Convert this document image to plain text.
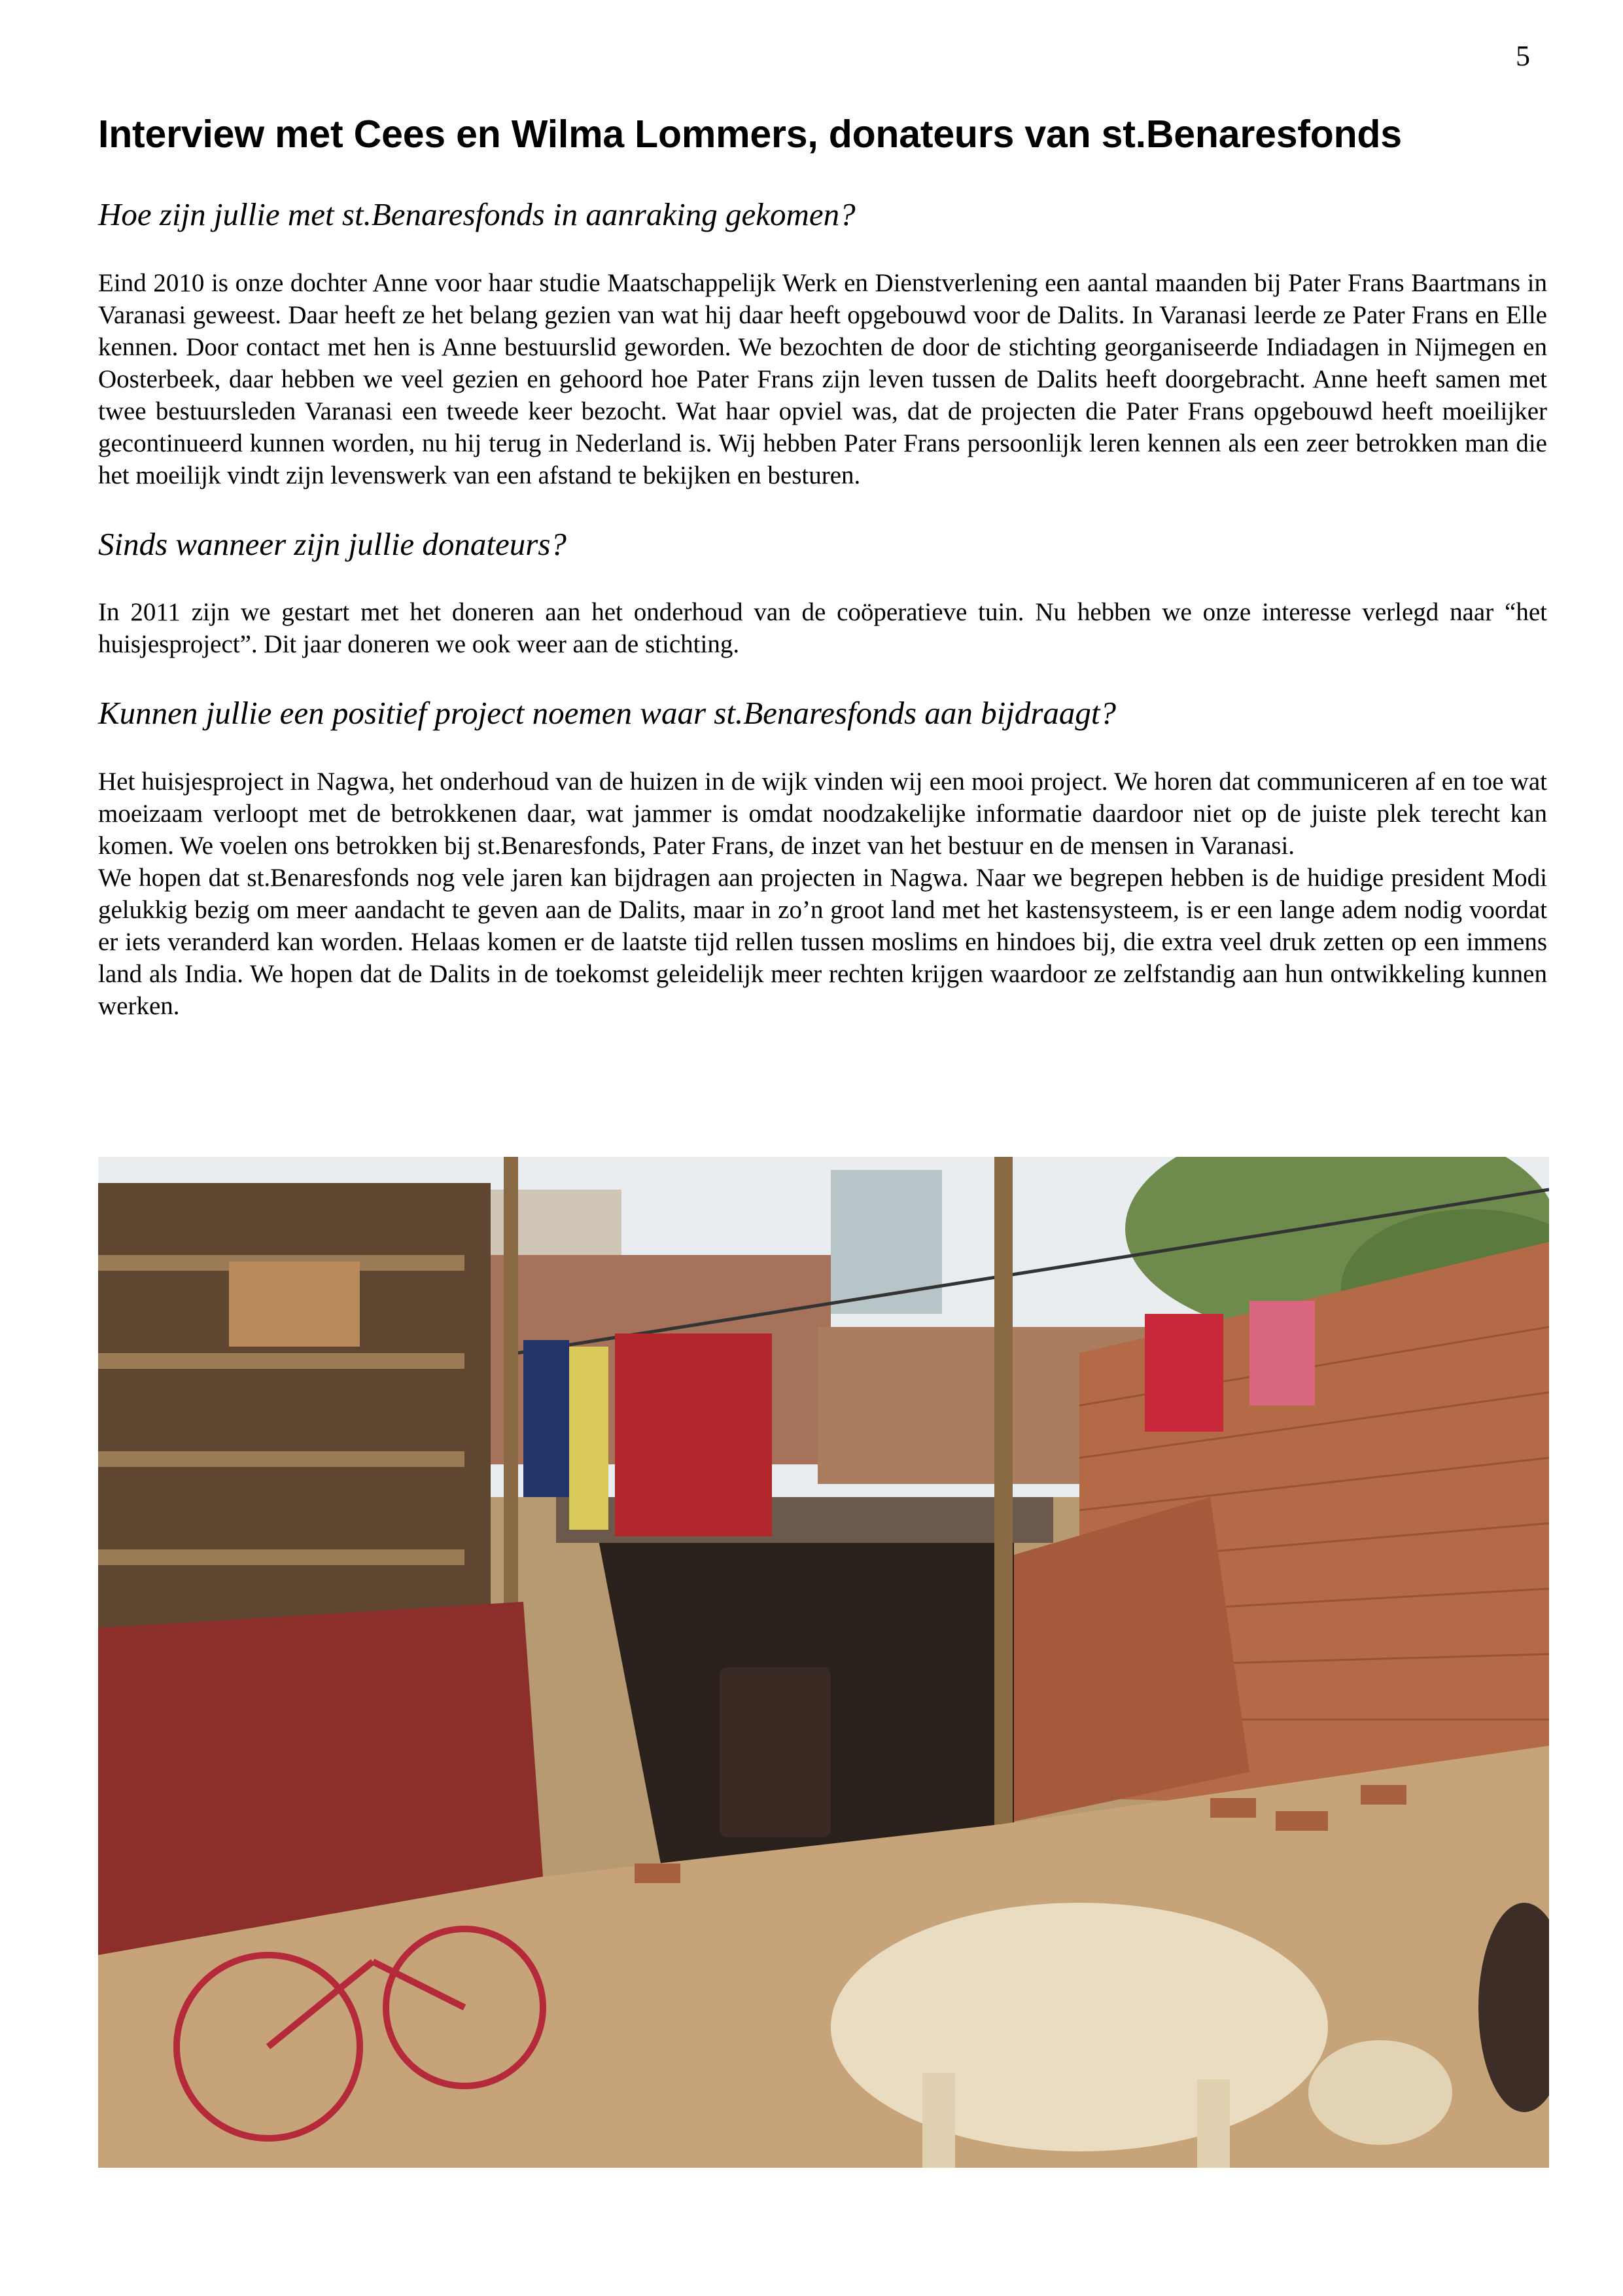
5
Interview met Cees en Wilma Lommers, donateurs van st.Benaresfonds
Hoe zijn jullie met st.Benaresfonds in aanraking gekomen?

Eind 2010 is onze dochter Anne voor haar studie Maatschappelijk Werk en Dienstverlening een aantal maanden bij Pater Frans Baartmans in Varanasi geweest. Daar heeft ze het belang gezien van wat hij daar heeft opgebouwd voor de Dalits. In Varanasi leerde ze Pater Frans en Elle kennen. Door contact met hen is Anne bestuurslid geworden. We bezochten de door de stichting georganiseerde Indiadagen in Nijmegen en Oosterbeek, daar hebben we veel gezien en gehoord hoe Pater Frans zijn leven tussen de Dalits heeft doorgebracht. Anne heeft samen met twee bestuursleden Varanasi een tweede keer bezocht. Wat haar opviel was, dat de projecten die Pater Frans opgebouwd heeft moeilijker gecontinueerd kunnen worden, nu hij terug in Nederland is. Wij hebben Pater Frans persoonlijk leren kennen als een zeer betrokken man die het moeilijk vindt zijn levenswerk van een afstand te bekijken en besturen.

Sinds wanneer zijn jullie donateurs?

In 2011 zijn we gestart met het doneren aan het onderhoud van de coöperatieve tuin. Nu hebben we onze interesse verlegd naar “het huisjesproject”. Dit jaar doneren we ook weer aan de stichting.

Kunnen jullie een positief project noemen waar st.Benaresfonds aan bijdraagt?

Het huisjesproject in Nagwa, het onderhoud van de huizen in de wijk vinden wij een mooi project. We horen dat communiceren af en toe wat moeizaam verloopt met de betrokkenen daar, wat jammer is omdat noodzakelijke informatie daardoor niet op de juiste plek terecht kan komen. We voelen ons betrokken bij st.Benaresfonds, Pater Frans, de inzet van het bestuur en de mensen in Varanasi.

We hopen dat st.Benaresfonds nog vele jaren kan bijdragen aan projecten in Nagwa. Naar we begrepen hebben is de huidige president Modi gelukkig bezig om meer aandacht te geven aan de Dalits, maar in zo’n groot land met het kastensysteem, is er een lange adem nodig voordat er iets veranderd kan worden. Helaas komen er de laatste tijd rellen tussen moslims en hindoes bij, die extra veel druk zetten op een immens land als India. We hopen dat de Dalits in de toekomst geleidelijk meer rechten krijgen waardoor ze zelfstandig aan hun ontwikkeling kunnen werken.
